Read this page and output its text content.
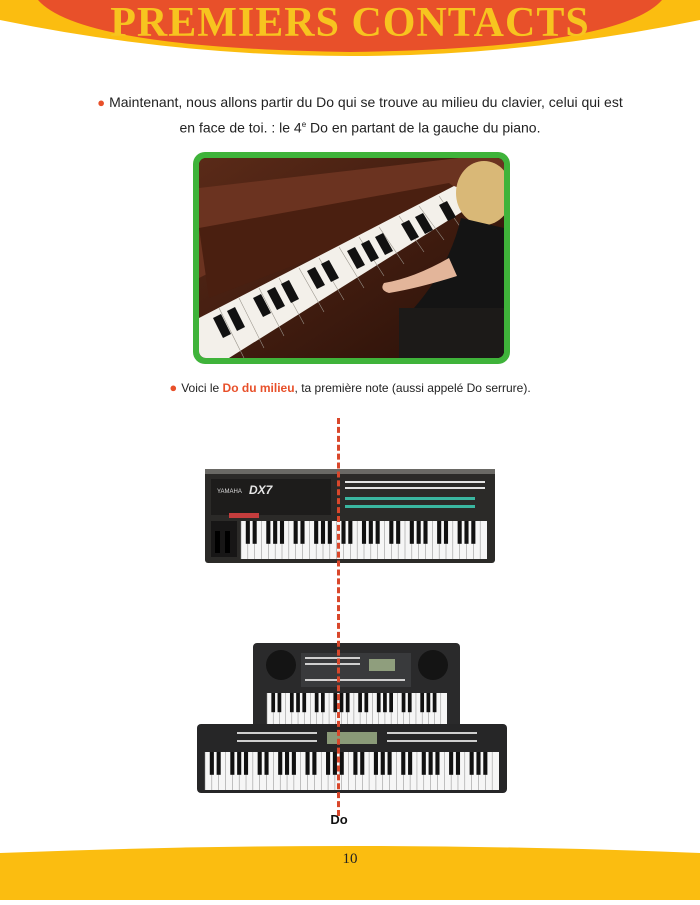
PREMIERS CONTACTS
● Maintenant, nous allons partir du Do qui se trouve au milieu du clavier, celui qui est
en face de toi. : le 4e Do en partant de la gauche du piano.
● Voici le Do du milieu, ta première note (aussi appelé Do serrure).
YAMAHA DX7
Do
10
